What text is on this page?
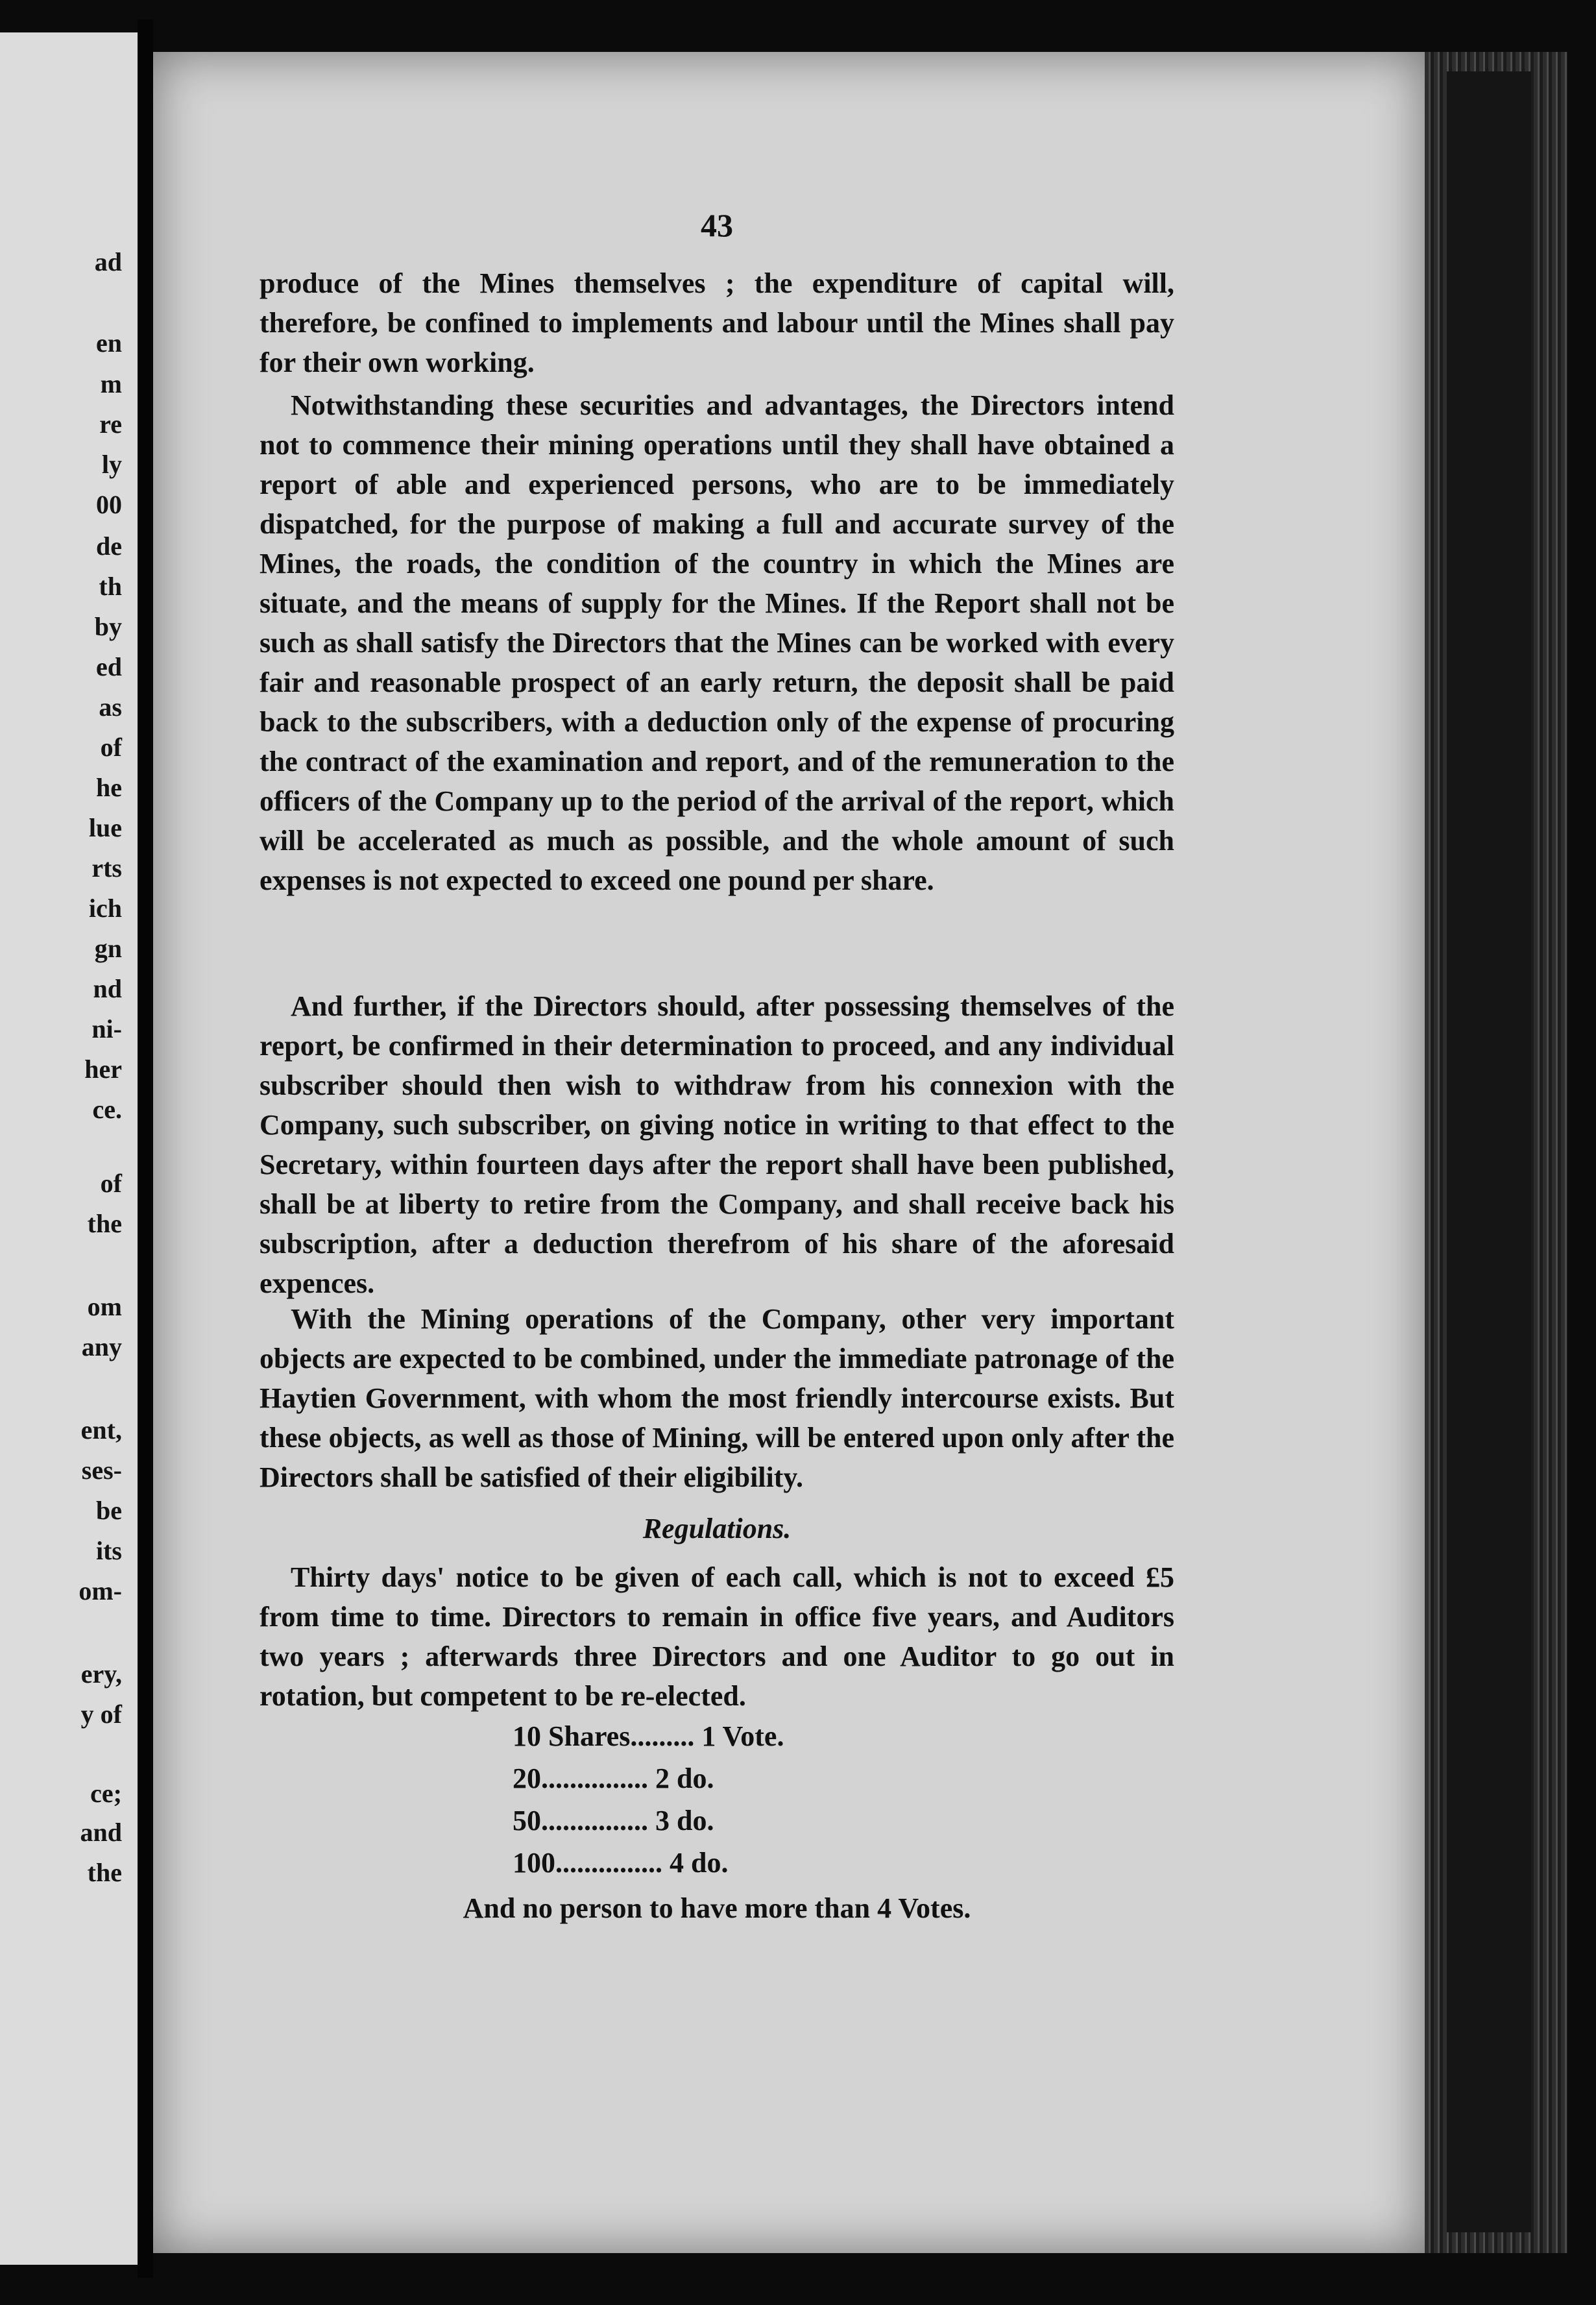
ad
en
m
re
ly
00
de
th
by
ed
as
of
he
lue
rts
ich
gn
nd
ni-
her
ce.
of
the
om
any
ent,
ses-
be
its
om-
ery,
y of
ce;
and
the
43

produce of the Mines themselves ; the expenditure of capital will, therefore, be confined to implements and labour until the Mines shall pay for their own working.

Notwithstanding these securities and advantages, the Directors intend not to commence their mining operations until they shall have obtained a report of able and experienced persons, who are to be immediately dispatched, for the purpose of making a full and accurate survey of the Mines, the roads, the condition of the country in which the Mines are situate, and the means of supply for the Mines. If the Report shall not be such as shall satisfy the Directors that the Mines can be worked with every fair and reasonable prospect of an early return, the deposit shall be paid back to the subscribers, with a deduction only of the expense of procuring the contract of the examination and report, and of the remuneration to the officers of the Company up to the period of the arrival of the report, which will be accelerated as much as possible, and the whole amount of such expenses is not expected to exceed one pound per share.

And further, if the Directors should, after possessing themselves of the report, be confirmed in their determination to proceed, and any individual subscriber should then wish to withdraw from his connexion with the Company, such subscriber, on giving notice in writing to that effect to the Secretary, within fourteen days after the report shall have been published, shall be at liberty to retire from the Company, and shall receive back his subscription, after a deduction therefrom of his share of the aforesaid expences.

With the Mining operations of the Company, other very important objects are expected to be combined, under the immediate patronage of the Haytien Government, with whom the most friendly intercourse exists. But these objects, as well as those of Mining, will be entered upon only after the Directors shall be satisfied of their eligibility.

Regulations.

Thirty days' notice to be given of each call, which is not to exceed £5 from time to time. Directors to remain in office five years, and Auditors two years ; afterwards three Directors and one Auditor to go out in rotation, but competent to be re-elected.

10 Shares......... 1 Vote.
20............... 2 do.
50............... 3 do.
100............... 4 do.
And no person to have more than 4 Votes.
